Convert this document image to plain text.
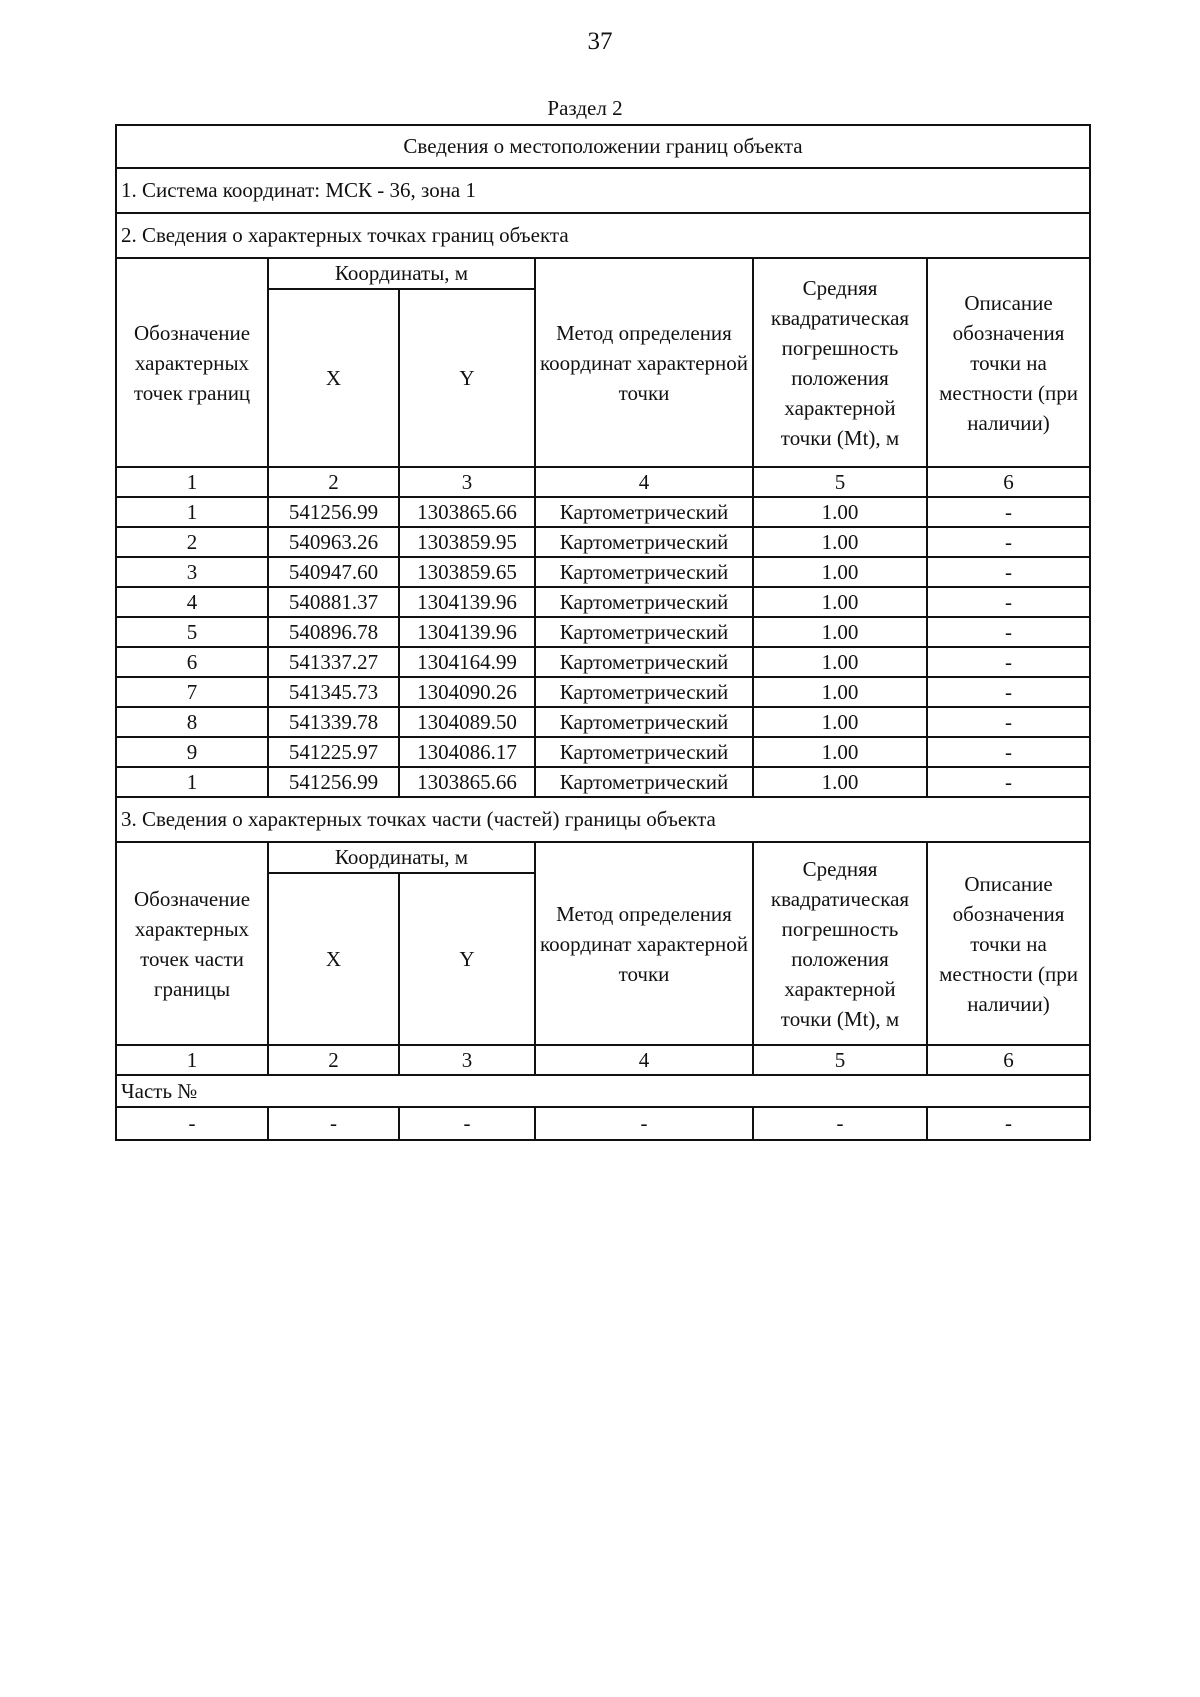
37
Раздел 2
Сведения о местоположении границ объекта					
1. Система координат: МСК - 36, зона 1					
2. Сведения о характерных точках границ объекта					
Обозначение характерных точек границ	Координаты, м		Метод определения координат характерной точки	Средняя квадратическая погрешность положения характерной точки (Mt), м	Описание обозначения точки на местности (при наличии)
	X	Y			
1	2	3	4	5	6
1	541256.99	1303865.66	Картометрический	1.00	-
2	540963.26	1303859.95	Картометрический	1.00	-
3	540947.60	1303859.65	Картометрический	1.00	-
4	540881.37	1304139.96	Картометрический	1.00	-
5	540896.78	1304139.96	Картометрический	1.00	-
6	541337.27	1304164.99	Картометрический	1.00	-
7	541345.73	1304090.26	Картометрический	1.00	-
8	541339.78	1304089.50	Картометрический	1.00	-
9	541225.97	1304086.17	Картометрический	1.00	-
1	541256.99	1303865.66	Картометрический	1.00	-
3. Сведения о характерных точках части (частей) границы объекта					
Обозначение характерных точек части границы	Координаты, м		Метод определения координат характерной точки	Средняя квадратическая погрешность положения характерной точки (Mt), м	Описание обозначения точки на местности (при наличии)
	X	Y			
1	2	3	4	5	6
Часть №					
-	-	-	-	-	-
